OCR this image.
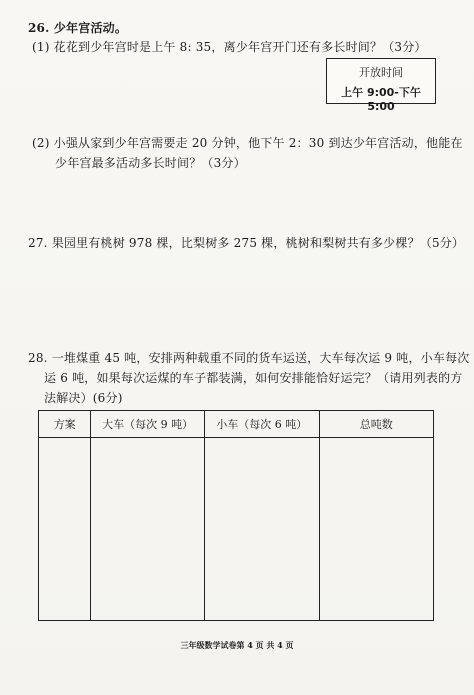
26. 少年宫活动。
(1) 花花到少年宫时是上午 8: 35，离少年宫开门还有多长时间？（3分）
开放时间
上午 9:00-下午 5:00
(2) 小强从家到少年宫需要走 20 分钟，他下午 2：30 到达少年宫活动，他能在
少年宫最多活动多长时间？（3分）
27. 果园里有桃树 978 棵，比梨树多 275 棵，桃树和梨树共有多少棵？（5分）
28. 一堆煤重 45 吨，安排两种载重不同的货车运送，大车每次运 9 吨，小车每次
运 6 吨，如果每次运煤的车子都装满，如何安排能恰好运完？（请用列表的方
法解决）(6分)
方案	大车（每次 9 吨）	小车（每次 6 吨）	总吨数

三年级数学试卷第 4 页 共 4 页
